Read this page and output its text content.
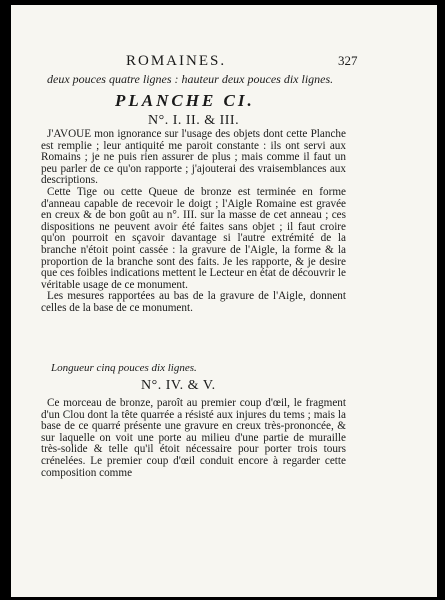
ROMAINES.	327
deux pouces quatre lignes : hauteur deux pouces dix lignes.
PLANCHE CI.
N°. I. II. & III.

J'AVOUE mon ignorance sur l'usage des objets dont cette Planche est remplie ; leur antiquité me paroit constante : ils ont servi aux Romains ; je ne puis rien assurer de plus ; mais comme il faut un peu parler de ce qu'on rapporte ; j'ajouterai des vraisemblances aux descriptions.

Cette Tige ou cette Queue de bronze est terminée en forme d'anneau capable de recevoir le doigt ; l'Aigle Romaine est gravée en creux & de bon goût au n°. III. sur la masse de cet anneau ; ces dispositions ne peuvent avoir été faites sans objet ; il faut croire qu'on pourroit en sçavoir davantage si l'autre extrémité de la branche n'étoit point cassée : la gravure de l'Aigle, la forme & la proportion de la branche sont des faits. Je les rapporte, & je desire que ces foibles indications mettent le Lecteur en état de découvrir le véritable usage de ce monument.

Les mesures rapportées au bas de la gravure de l'Aigle, donnent celles de la base de ce monument.

Longueur cinq pouces dix lignes.
N°. IV. & V.

Ce morceau de bronze, paroît au premier coup d'œil, le fragment d'un Clou dont la tête quarrée a résisté aux injures du tems ; mais la base de ce quarré présente une gravure en creux très-prononcée, & sur laquelle on voit une porte au milieu d'une partie de muraille très-solide & telle qu'il étoit nécessaire pour porter trois tours crénelées. Le premier coup d'œil conduit encore à regarder cette composition comme
